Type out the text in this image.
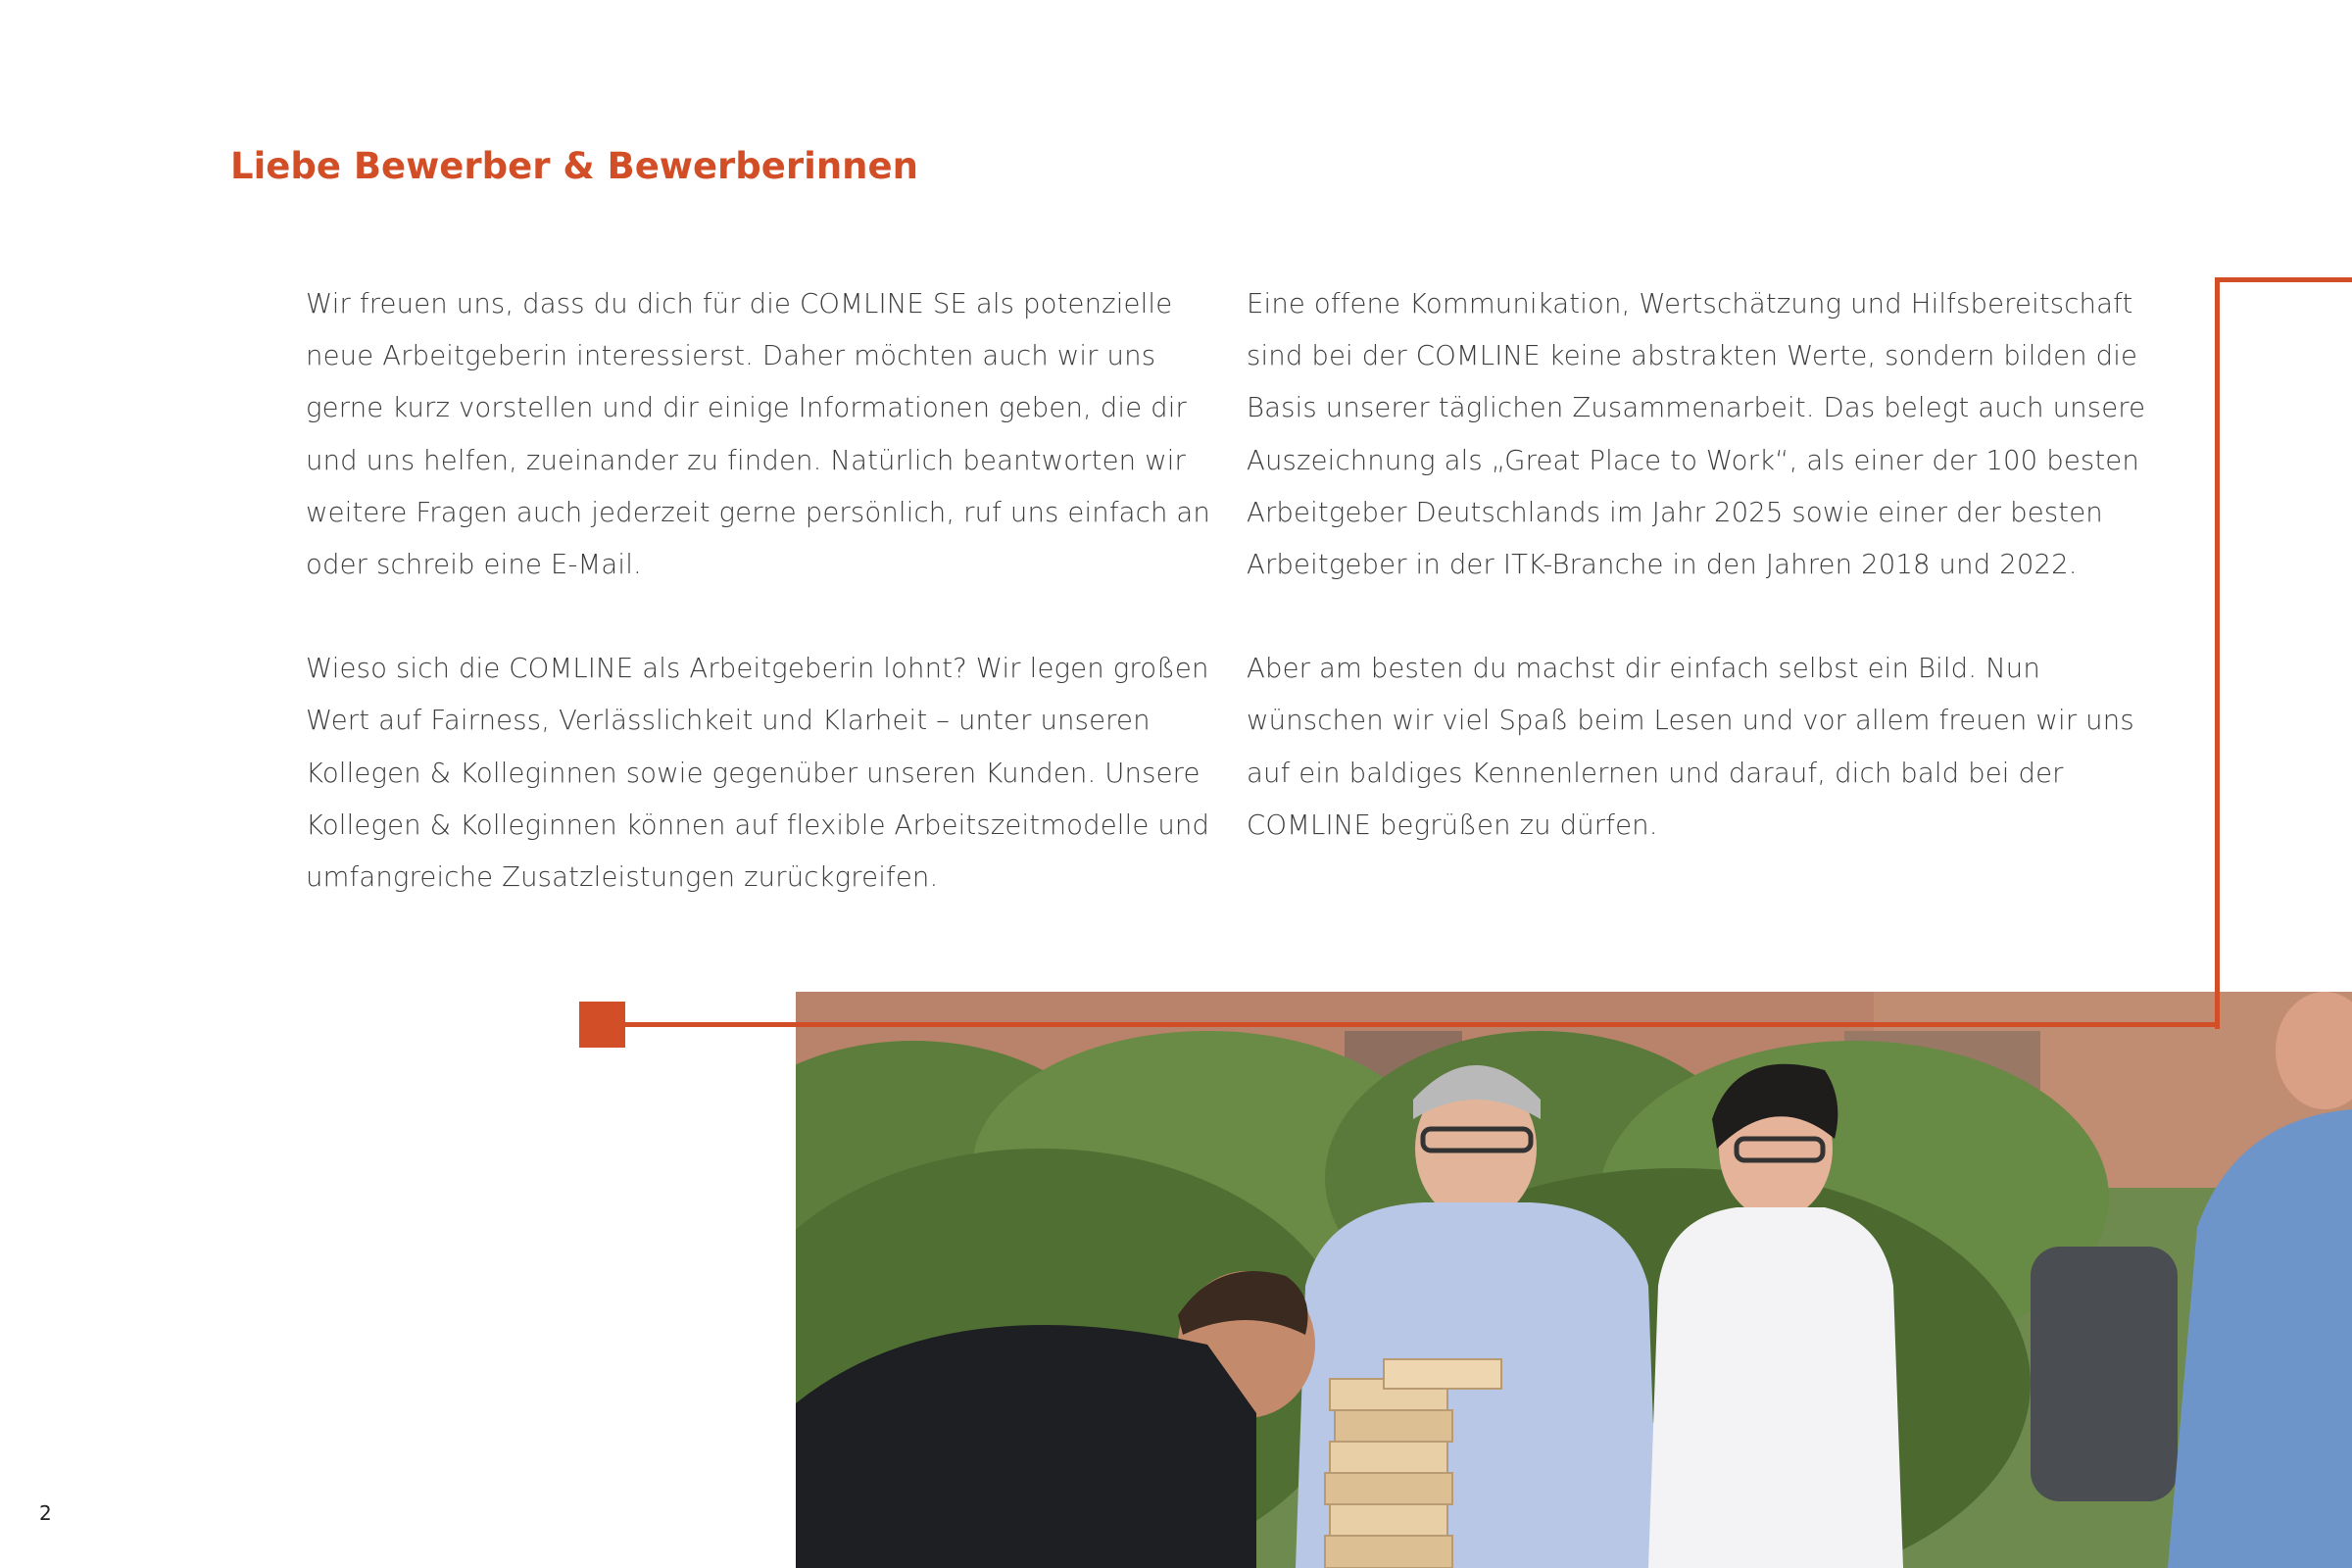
Liebe Bewerber & Bewerberinnen

Wir freuen uns, dass du dich für die COMLINE SE als potenzielle neue Arbeitgeberin interessierst. Daher möchten auch wir uns gerne kurz vorstellen und dir einige Informationen geben, die dir und uns helfen, zueinander zu finden. Natürlich beantworten wir weitere Fragen auch jederzeit gerne persönlich, ruf uns einfach an oder schreib eine E-Mail.

Wieso sich die COMLINE als Arbeitgeberin lohnt? Wir legen großen Wert auf Fairness, Verlässlichkeit und Klarheit – unter unseren Kollegen & Kolleginnen sowie gegenüber unseren Kunden. Unsere Kollegen & Kolleginnen können auf flexible Arbeitszeitmodelle und umfangreiche Zusatzleistungen zurückgreifen.

Eine offene Kommunikation, Wertschätzung und Hilfsbereitschaft sind bei der COMLINE keine abstrakten Werte, sondern bilden die Basis unserer täglichen Zusammenarbeit. Das belegt auch unsere Auszeichnung als „Great Place to Work“, als einer der 100 besten Arbeitgeber Deutschlands im Jahr 2025 sowie einer der besten Arbeitgeber in der ITK-Branche in den Jahren 2018 und 2022.

Aber am besten du machst dir einfach selbst ein Bild. Nun wünschen wir viel Spaß beim Lesen und vor allem freuen wir uns auf ein baldiges Kennenlernen und darauf, dich bald bei der COMLINE begrüßen zu dürfen.

2
